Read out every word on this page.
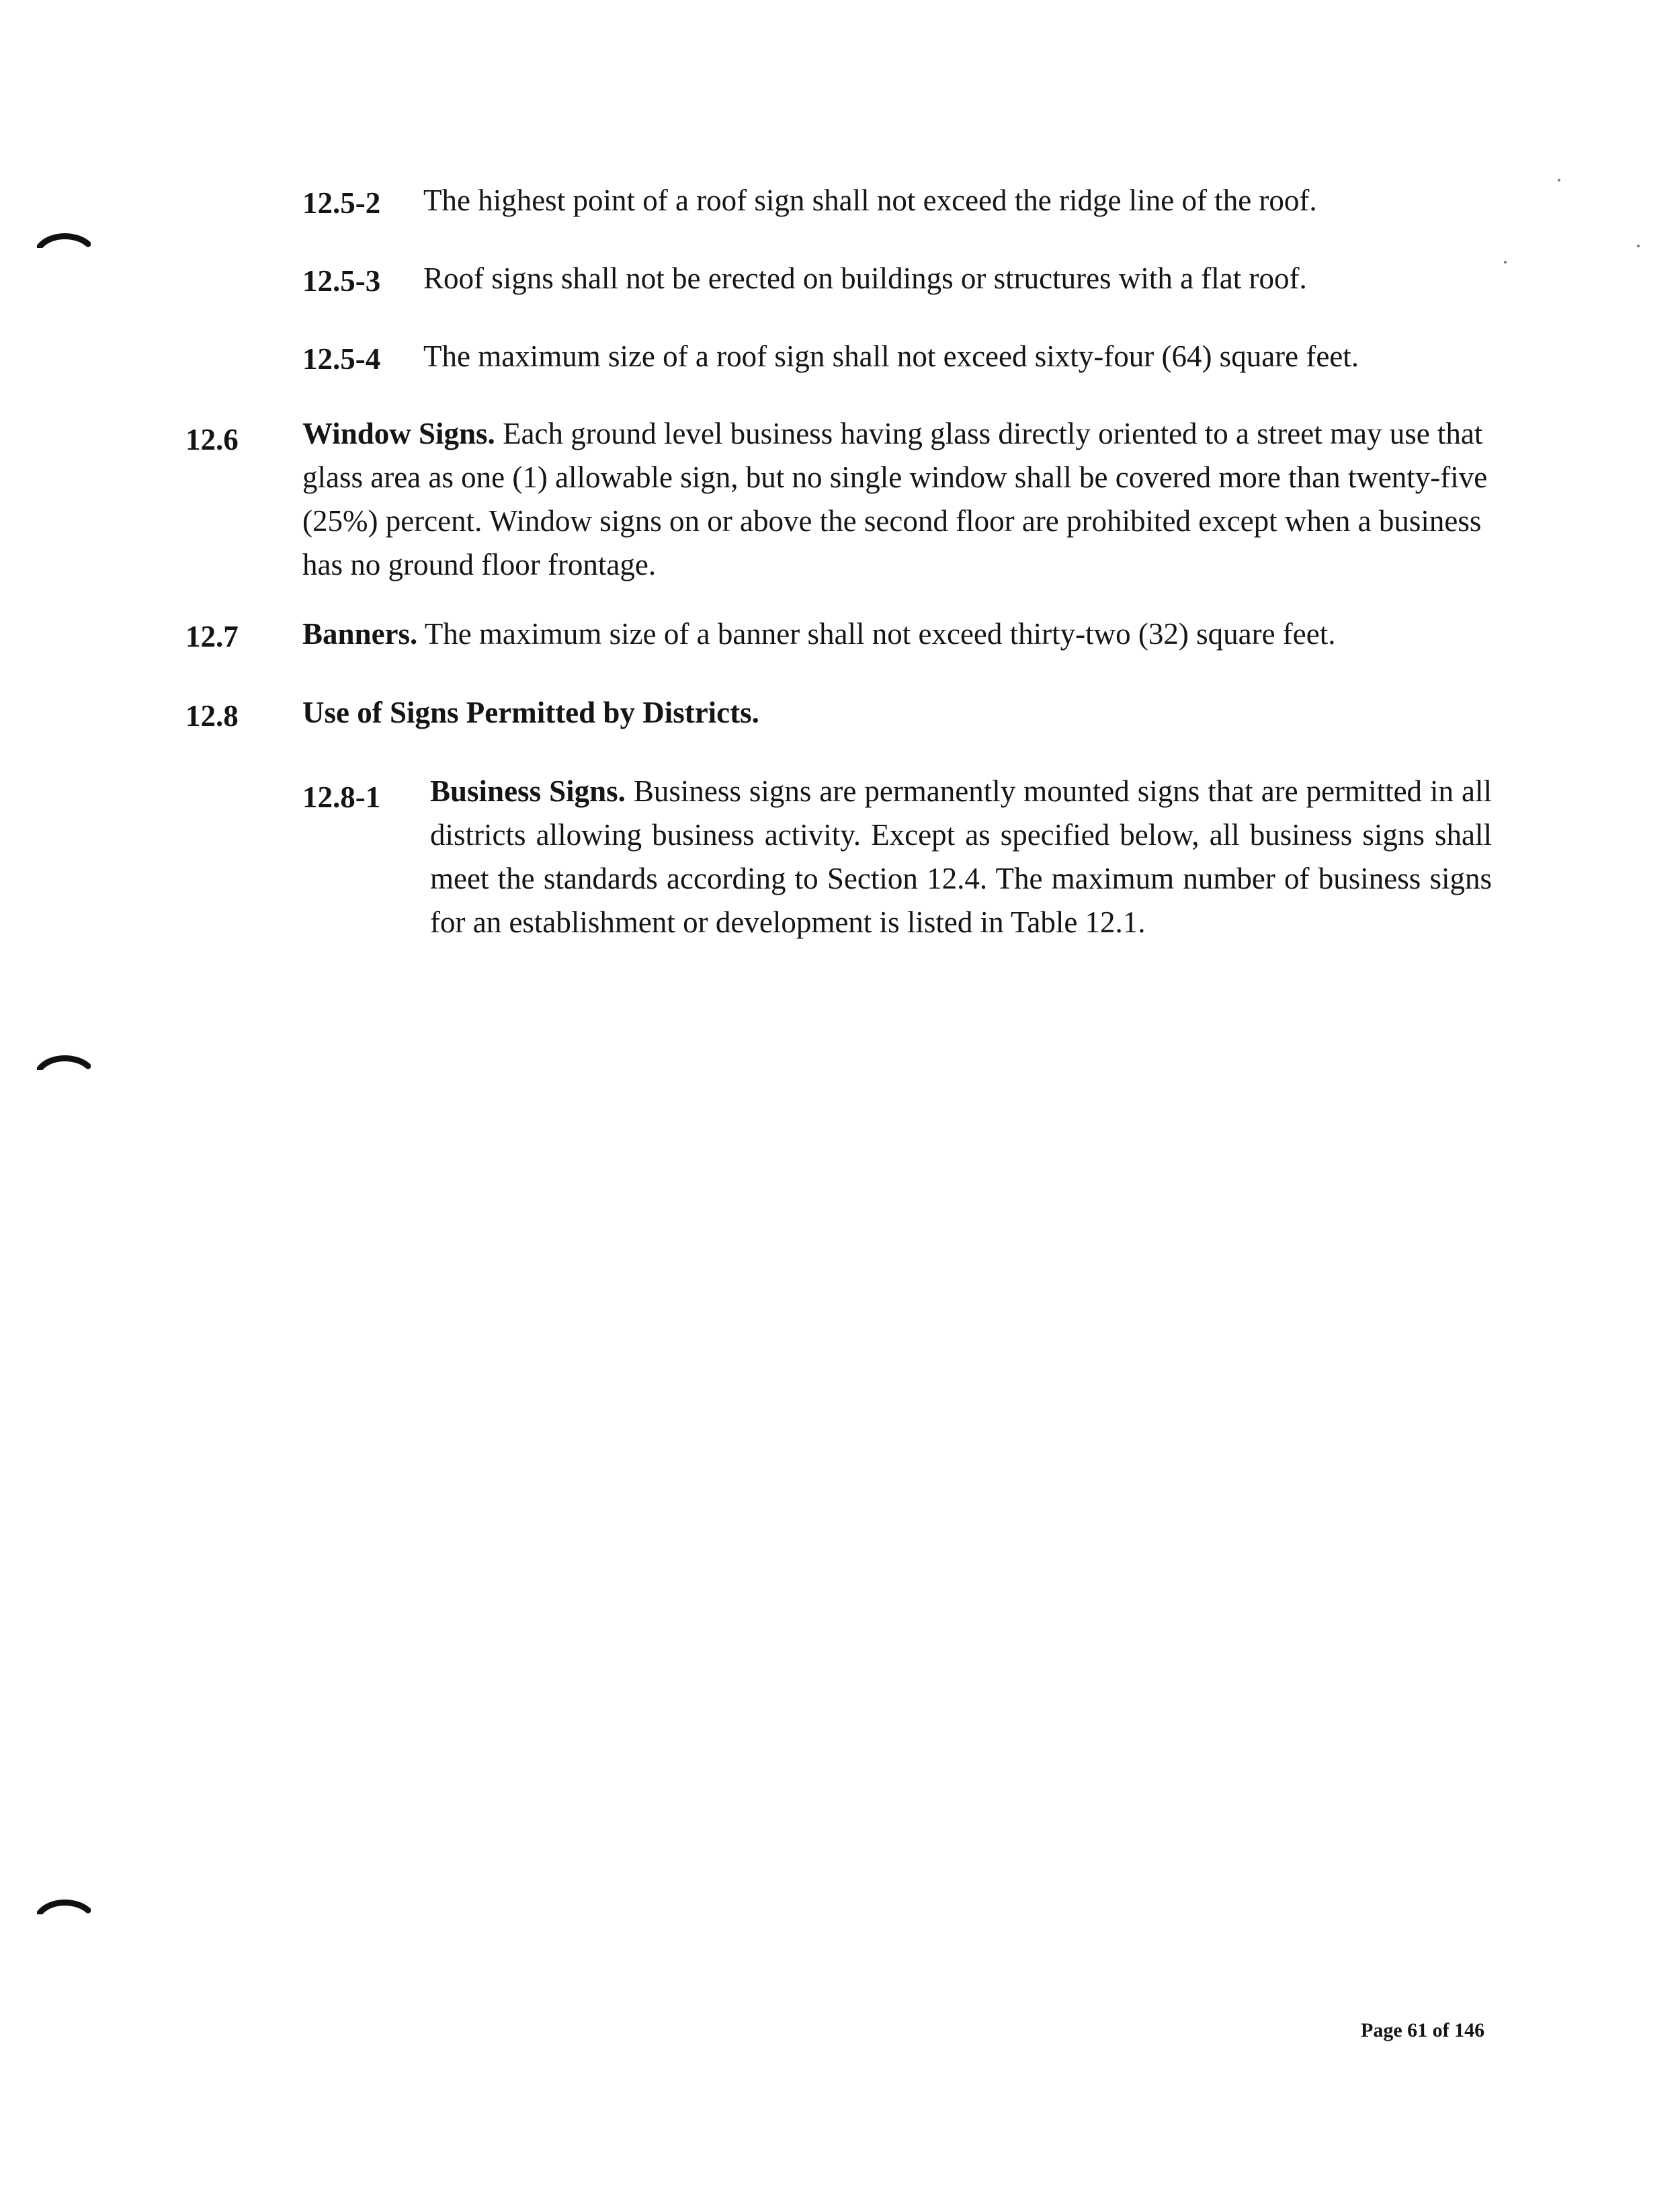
12.5-2 The highest point of a roof sign shall not exceed the ridge line of the roof.
12.5-3 Roof signs shall not be erected on buildings or structures with a flat roof.
12.5-4 The maximum size of a roof sign shall not exceed sixty-four (64) square feet.
12.6 Window Signs. Each ground level business having glass directly oriented to a street may use that glass area as one (1) allowable sign, but no single window shall be covered more than twenty-five (25%) percent. Window signs on or above the second floor are prohibited except when a business has no ground floor frontage.
12.7 Banners. The maximum size of a banner shall not exceed thirty-two (32) square feet.
12.8 Use of Signs Permitted by Districts.
12.8-1 Business Signs. Business signs are permanently mounted signs that are permitted in all districts allowing business activity. Except as specified below, all business signs shall meet the standards according to Section 12.4. The maximum number of business signs for an establishment or development is listed in Table 12.1.
Page 61 of 146
